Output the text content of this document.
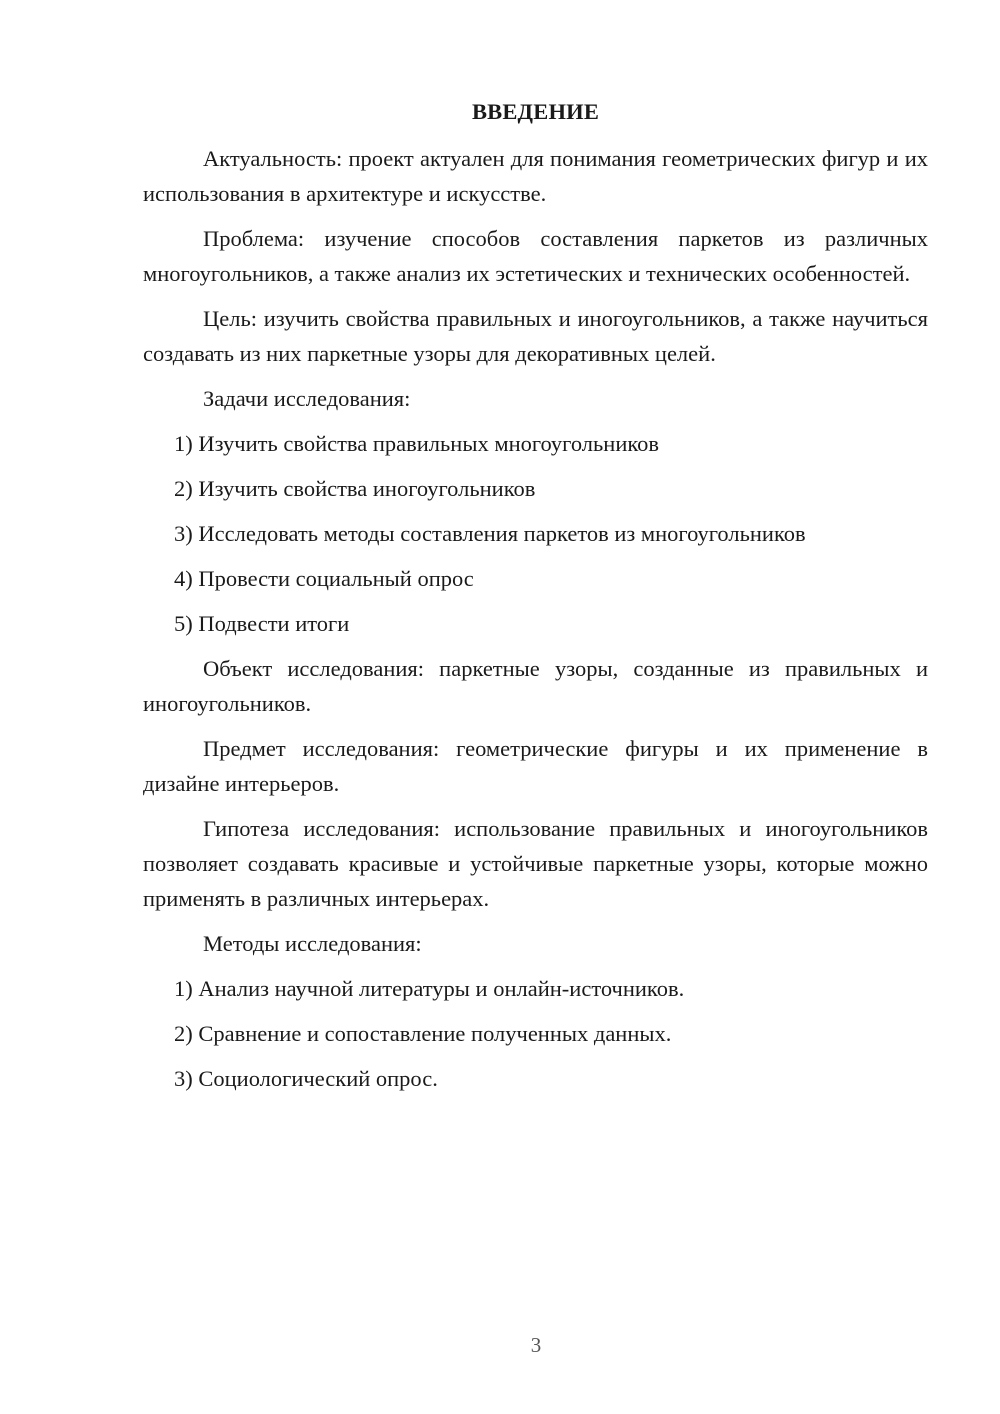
ВВЕДЕНИЕ

Актуальность: проект актуален для понимания геометрических фигур и их использования в архитектуре и искусстве.

Проблема: изучение способов составления паркетов из различных многоугольников, а также анализ их эстетических и технических особенностей.

Цель: изучить свойства правильных и иногоугольников, а также научиться создавать из них паркетные узоры для декоративных целей.

Задачи исследования:

1) Изучить свойства правильных многоугольников

2) Изучить свойства иногоугольников

3) Исследовать методы составления паркетов из многоугольников

4) Провести социальный опрос

5) Подвести итоги

Объект исследования: паркетные узоры, созданные из правильных и иногоугольников.

Предмет исследования: геометрические фигуры и их применение в дизайне интерьеров.

Гипотеза исследования: использование правильных и иногоугольников позволяет создавать красивые и устойчивые паркетные узоры, которые можно применять в различных интерьерах.

Методы исследования:

1) Анализ научной литературы и онлайн-источников.

2) Сравнение и сопоставление полученных данных.

3) Социологический опрос.

3
